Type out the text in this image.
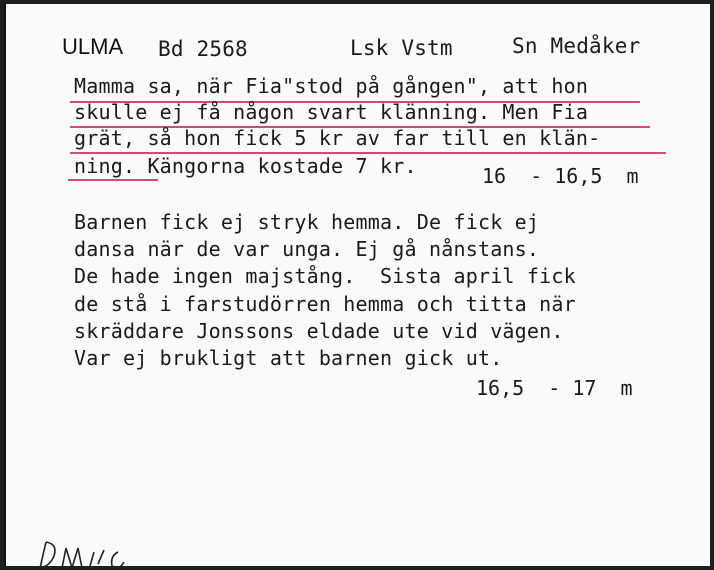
ULMA Bd 2568	Lsk Vstm	Sn Medåker
Mamma sa, när Fia"stod på gången", att hon
skulle ej få någon svart klänning. Men Fia
grät, så hon fick 5 kr av far till en klän-
ning. Kängorna kostade 7 kr.	16  - 16,5  m
Barnen fick ej stryk hemma. De fick ej
dansa när de var unga. Ej gå nånstans.
De hade ingen majstång.  Sista april fick
de stå i farstudörren hemma och titta när
skräddare Jonssons eldade ute vid vägen.
Var ej brukligt att barnen gick ut.
16,5  - 17  m
